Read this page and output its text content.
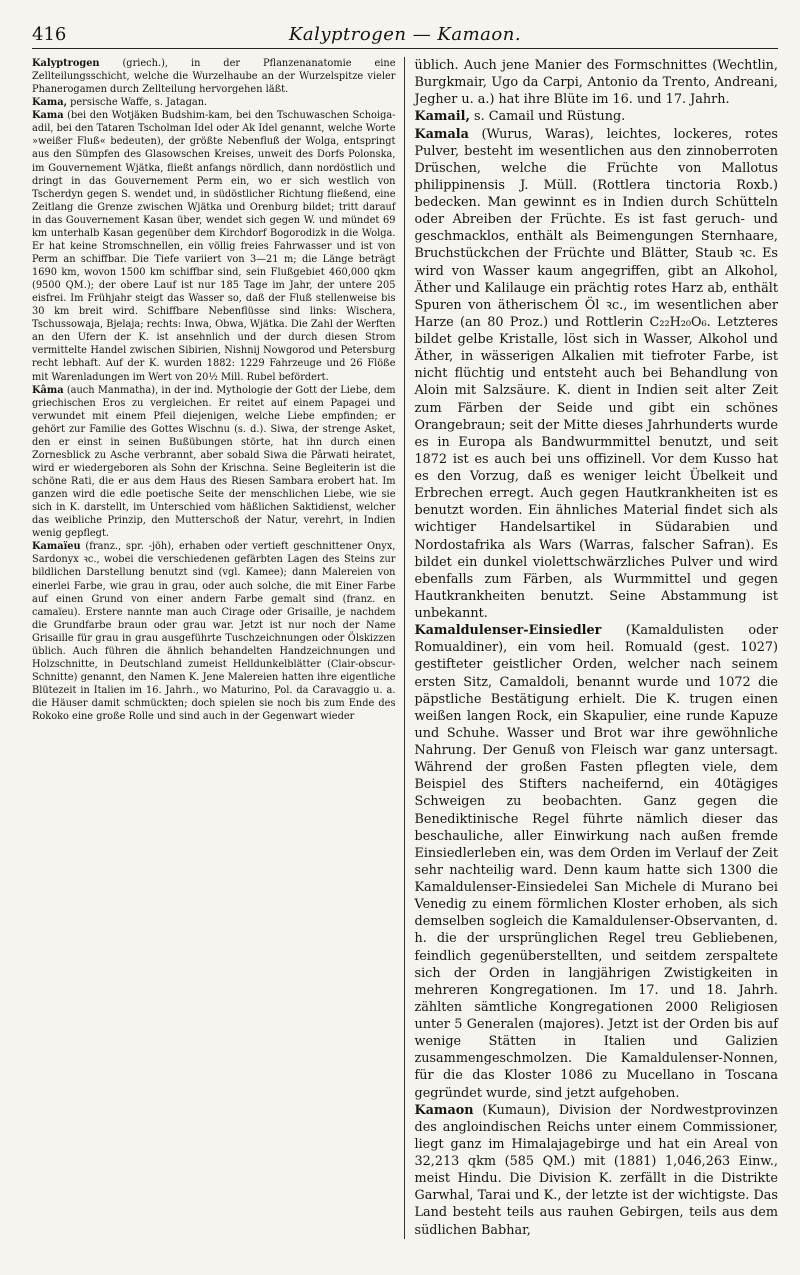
416	Kalyptrogen — Kamaon.

Kalyptrogen (griech.), in der Pflanzenanatomie eine Zellteilungsschicht, welche die Wurzelhaube an der Wurzelspitze vieler Phanerogamen durch Zellteilung hervorgehen läßt.

Kama, persische Waffe, s. Jatagan.

Kama (bei den Wotjäken Budshim-kam, bei den Tschuwaschen Schoiga-adil, bei den Tataren Tscholman Idel oder Ak Idel genannt, welche Worte »weißer Fluß« bedeuten), der größte Nebenfluß der Wolga, entspringt aus den Sümpfen des Glasowschen Kreises, unweit des Dorfs Polonska, im Gouvernement Wjätka, fließt anfangs nördlich, dann nordöstlich und dringt in das Gouvernement Perm ein, wo er sich westlich von Tscherdyn gegen S. wendet und, in südöstlicher Richtung fließend, eine Zeitlang die Grenze zwischen Wjätka und Orenburg bildet; tritt darauf in das Gouvernement Kasan über, wendet sich gegen W. und mündet 69 km unterhalb Kasan gegenüber dem Kirchdorf Bogorodizk in die Wolga. Er hat keine Stromschnellen, ein völlig freies Fahrwasser und ist von Perm an schiffbar. Die Tiefe variiert von 3—21 m; die Länge beträgt 1690 km, wovon 1500 km schiffbar sind, sein Flußgebiet 460,000 qkm (9500 QM.); der obere Lauf ist nur 185 Tage im Jahr, der untere 205 eisfrei. Im Frühjahr steigt das Wasser so, daß der Fluß stellenweise bis 30 km breit wird. Schiffbare Nebenflüsse sind links: Wischera, Tschussowaja, Bjelaja; rechts: Inwa, Obwa, Wjätka. Die Zahl der Werften an den Ufern der K. ist ansehnlich und der durch diesen Strom vermittelte Handel zwischen Sibirien, Nishnij Nowgorod und Petersburg recht lebhaft. Auf der K. wurden 1882: 1229 Fahrzeuge und 26 Flöße mit Warenladungen im Wert von 20½ Mill. Rubel befördert.

Kâma (auch Manmatha), in der ind. Mythologie der Gott der Liebe, dem griechischen Eros zu vergleichen. Er reitet auf einem Papagei und verwundet mit einem Pfeil diejenigen, welche Liebe empfinden; er gehört zur Familie des Gottes Wischnu (s. d.). Siwa, der strenge Asket, den er einst in seinen Bußübungen störte, hat ihn durch einen Zornesblick zu Asche verbrannt, aber sobald Siwa die Pârwati heiratet, wird er wiedergeboren als Sohn der Krischna. Seine Begleiterin ist die schöne Rati, die er aus dem Haus des Riesen Sambara erobert hat. Im ganzen wird die edle poetische Seite der menschlichen Liebe, wie sie sich in K. darstellt, im Unterschied vom häßlichen Saktidienst, welcher das weibliche Prinzip, den Mutterschoß der Natur, verehrt, in Indien wenig gepflegt.

Kamaïeu (franz., spr. -jöh), erhaben oder vertieft geschnittener Onyx, Sardonyx ꝛc., wobei die verschiedenen gefärbten Lagen des Steins zur bildlichen Darstellung benutzt sind (vgl. Kamee); dann Malereien von einerlei Farbe, wie grau in grau, oder auch solche, die mit Einer Farbe auf einen Grund von einer andern Farbe gemalt sind (franz. en camaïeu). Erstere nannte man auch Cirage oder Grisaille, je nachdem die Grundfarbe braun oder grau war. Jetzt ist nur noch der Name Grisaille für grau in grau ausgeführte Tuschzeichnungen oder Ölskizzen üblich. Auch führen die ähnlich behandelten Handzeichnungen und Holzschnitte, in Deutschland zumeist Helldunkelblätter (Clair-obscur-Schnitte) genannt, den Namen K. Jene Malereien hatten ihre eigentliche Blütezeit in Italien im 16. Jahrh., wo Maturino, Pol. da Caravaggio u. a. die Häuser damit schmückten; doch spielen sie noch bis zum Ende des Rokoko eine große Rolle und sind auch in der Gegenwart wieder

üblich. Auch jene Manier des Formschnittes (Wechtlin, Burgkmair, Ugo da Carpi, Antonio da Trento, Andreani, Jegher u. a.) hat ihre Blüte im 16. und 17. Jahrh.

Kamail, s. Camail und Rüstung.

Kamala (Wurus, Waras), leichtes, lockeres, rotes Pulver, besteht im wesentlichen aus den zinnoberroten Drüschen, welche die Früchte von Mallotus philippinensis J. Müll. (Rottlera tinctoria Roxb.) bedecken. Man gewinnt es in Indien durch Schütteln oder Abreiben der Früchte. Es ist fast geruch- und geschmacklos, enthält als Beimengungen Sternhaare, Bruchstückchen der Früchte und Blätter, Staub ꝛc. Es wird von Wasser kaum angegriffen, gibt an Alkohol, Äther und Kalilauge ein prächtig rotes Harz ab, enthält Spuren von ätherischem Öl ꝛc., im wesentlichen aber Harze (an 80 Proz.) und Rottlerin C₂₂H₂₀O₆. Letzteres bildet gelbe Kristalle, löst sich in Wasser, Alkohol und Äther, in wässerigen Alkalien mit tiefroter Farbe, ist nicht flüchtig und entsteht auch bei Behandlung von Aloin mit Salzsäure. K. dient in Indien seit alter Zeit zum Färben der Seide und gibt ein schönes Orangebraun; seit der Mitte dieses Jahrhunderts wurde es in Europa als Bandwurmmittel benutzt, und seit 1872 ist es auch bei uns offizinell. Vor dem Kusso hat es den Vorzug, daß es weniger leicht Übelkeit und Erbrechen erregt. Auch gegen Hautkrankheiten ist es benutzt worden. Ein ähnliches Material findet sich als wichtiger Handelsartikel in Südarabien und Nordostafrika als Wars (Warras, falscher Safran). Es bildet ein dunkel violettschwärzliches Pulver und wird ebenfalls zum Färben, als Wurmmittel und gegen Hautkrankheiten benutzt. Seine Abstammung ist unbekannt.

Kamaldulenser-Einsiedler (Kamaldulisten oder Romualdiner), ein vom heil. Romuald (gest. 1027) gestifteter geistlicher Orden, welcher nach seinem ersten Sitz, Camaldoli, benannt wurde und 1072 die päpstliche Bestätigung erhielt. Die K. trugen einen weißen langen Rock, ein Skapulier, eine runde Kapuze und Schuhe. Wasser und Brot war ihre gewöhnliche Nahrung. Der Genuß von Fleisch war ganz untersagt. Während der großen Fasten pflegten viele, dem Beispiel des Stifters nacheifernd, ein 40tägiges Schweigen zu beobachten. Ganz gegen die Benediktinische Regel führte nämlich dieser das beschauliche, aller Einwirkung nach außen fremde Einsiedlerleben ein, was dem Orden im Verlauf der Zeit sehr nachteilig ward. Denn kaum hatte sich 1300 die Kamaldulenser-Einsiedelei San Michele di Murano bei Venedig zu einem förmlichen Kloster erhoben, als sich demselben sogleich die Kamaldulenser-Observanten, d. h. die der ursprünglichen Regel treu Gebliebenen, feindlich gegenüberstellten, und seitdem zerspaltete sich der Orden in langjährigen Zwistigkeiten in mehreren Kongregationen. Im 17. und 18. Jahrh. zählten sämtliche Kongregationen 2000 Religiosen unter 5 Generalen (majores). Jetzt ist der Orden bis auf wenige Stätten in Italien und Galizien zusammengeschmolzen. Die Kamaldulenser-Nonnen, für die das Kloster 1086 zu Mucellano in Toscana gegründet wurde, sind jetzt aufgehoben.

Kamaon (Kumaun), Division der Nordwestprovinzen des angloindischen Reichs unter einem Commissioner, liegt ganz im Himalajagebirge und hat ein Areal von 32,213 qkm (585 QM.) mit (1881) 1,046,263 Einw., meist Hindu. Die Division K. zerfällt in die Distrikte Garwhal, Tarai und K., der letzte ist der wichtigste. Das Land besteht teils aus rauhen Gebirgen, teils aus dem südlichen Babhar,
